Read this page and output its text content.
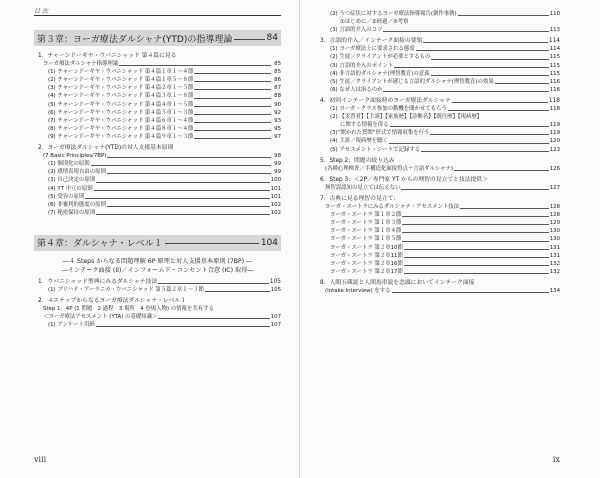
目 次
第３章：ヨーガ療法ダルシャナ(YTD)の指導理論	84
1．チャーンドーギヤ・ウパニシャッド 第４篇に見る
ヨーガ療法ダルシャナ指導理論	85
(1) チャーンドーギヤ・ウパニシャッド 第４篇１章１〜４節	85
(2) チャーンドーギヤ・ウパニシャッド 第４篇１章５〜８節	86
(3) チャーンドーギヤ・ウパニシャッド 第４篇２章１〜５節	87
(4) チャーンドーギヤ・ウパニシャッド 第４篇３章１〜８節	88
(5) チャーンドーギヤ・ウパニシャッド 第４篇４章１〜５節	90
(6) チャーンドーギヤ・ウパニシャッド 第４篇５章１〜３節	92
(7) チャーンドーギヤ・ウパニシャッド 第４篇６章１〜４節	93
(8) チャーンドーギヤ・ウパニシャッド 第４篇８章１〜４節	95
(9) チャーンドーギヤ・ウパニシャッド 第４篇９章１〜３節	97
2．ヨーガ療法ダルシャナ(YTD)の対人支援基本原則
(7 Basic Principles/7BP)	98
(1) 個別化の原則	99
(2) 感情表現自由の原則	99
(3) 自己決定の原則	100
(4) YT 中立の原則	101
(5) 受容の原則	101
(6) 非審判的態度の原則	102
(7) 秘密保持の原則	102
第４章：ダルシャナ・レベル１	104
―４ Steps からなる問題理解 6P 原理と対人支援基本原則 (7BP) ―
―インテーク面接 (II)／インフォームド・コンセント合意 (IC) 取得―
1．ウパニシャッド聖典にみるダルシャナ技法	105
(1) ブリハド・アーラニカ・ウパニシャッド 第５篇２章１〜３節	105
2．４ステップからなるヨーガ療法ダルシャナ・レベル１
Step 1：4P (1 問題　2 過程　3 場所　4 登場人物) の情報を共有する
＜ヨーガ療法アセスメント (YTA) の基礎知識＞	107
(1) アンケート用紙	107
viii
(2) うつ症状に対するヨーガ療法指導報告(創作事例)	110
①はじめに／②経過／③考察
(3) 言語的介入のコツ	113
3．言語的介入／インテーク面接の要領	114
(1) ヨーガ療法士に要求される態度	114
(2) 生徒／クライアントが必要とするもの	115
(3) 言語的介入のポイント	115
(4) 非言語的ダルシャナ(理智教育)の意義	115
(5) 生徒／クライアントが感じる言語的ダルシャナ(理智教育)の効果	116
(6) なぜ人は治るのか	116
4．初回インテーク面接時のヨーガ療法ダルシャナ	118
(1) ヨーガ・クラス参加の動機を聞かせてもらう	118
(2) 【実習者】【主訴】【家族歴】【診断名】【既往歴】【現病歴】
に関する情報を得る	119
(3)“開かれた質問”形式で情報収集を行う	119
(4) 主訴／現病歴を聴く	120
(5) アセスメント・シートで記録する	123
5．Step 2：問題の絞り込み
(各種心理検査／半構造化面接得点＋言語ダルシャナ)	126
6．Step 3：＜2P／専門家 YT からの理智の見立てと技法提供＞
無智誤認知の見立ては伝えない	127
7．古典に見る理智の見立て：
ヨーガ・スートラにみるダルシャナ・アセスメント技法	128
ヨーガ・スートラ 第１章２節	128
ヨーガ・スートラ 第１章３節	129
ヨーガ・スートラ 第１章４節	130
ヨーガ・スートラ 第１章５節	130
ヨーガ・スートラ 第２章10節	131
ヨーガ・スートラ 第２章11節	131
ヨーガ・スートラ 第２章16節	132
ヨーガ・スートラ 第２章17節	132
8．人間五蔵説と人間馬車説を念頭においてインテーク面接
(Intake Interview) をする	134
ix
